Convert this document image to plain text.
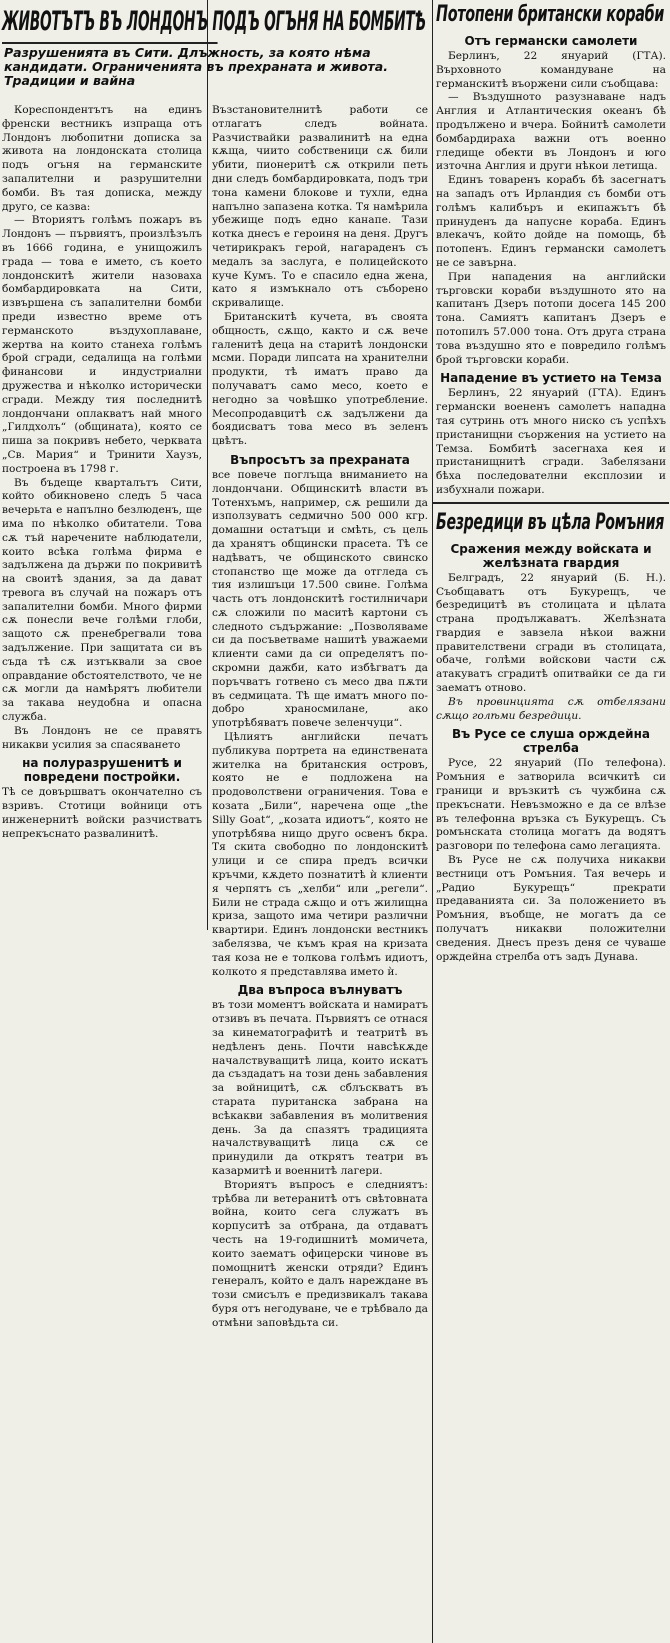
ЖИВОТЪТЪ ВЪ ЛОНДОНЪ ПОДЪ ОГЪНЯ НА БОМБИТѢ
Разрушенията въ Сити. Длъжность, за която нѣма кандидати. Ограниченията въ прехраната и живота. Традиции и вайна

Кореспондентътъ на единъ френски вестникъ изпраща отъ Лондонъ любопитни дописка за живота на лондонската столица подъ огъня на германските запалителни и разрушителни бомби. Въ тая дописка, между друго, се казва:

— Вториятъ голѣмъ пожаръ въ Лондонъ — първиятъ, произлѣзълъ въ 1666 година, е унищожилъ града — това е името, съ което лондонскитѣ жители назоваха бомбардировката на Сити, извършена съ запалителни бомби преди известно време отъ германското въздухоплаване, жертва на които станеха голѣмъ брой сгради, седалища на голѣми финансови и индустриални дружества и нѣколко исторически сгради. Между тия последнитѣ лондончани оплакватъ най много „Гилдхолъ“ (общината), която се пиша за покривъ небето, черквата „Св. Мария“ и Тринити Хаузъ, построена въ 1798 г.

Въ бъдеще кварталътъ Сити, който обикновено следъ 5 часа вечерьта е напълно безлюденъ, ще има по нѣколко обитатели. Това сѫ тъй наречените наблюдатели, които всѣка голѣма фирма е задължена да държи по покривитѣ на своитѣ здания, за да дават тревога въ случай на пожаръ отъ запалителни бомби. Много фирми сѫ понесли вече голѣми глоби, защото сѫ пренебрегвали това задължение. При защитата си въ съда тѣ сѫ изтъквали за свое оправдание обстоятелството, че не сѫ могли да намѣрятъ любители за такава неудобна и опасна служба.

Въ Лондонъ не се правятъ никакви усилия за спасяването

на полуразрушенитѣ и повредени постройки.

Тѣ се довършватъ окончателно съ взривъ. Стотици войници отъ инженернитѣ войски разчистватъ непрекъснато развалинитѣ.

Възстановителнитѣ работи се отлагатъ следъ войната. Разчиствайки развалинитѣ на една кѫща, чиито собственици сѫ били убити, пионеритѣ сѫ открили петь дни следъ бомбардировката, подъ три тона камени блокове и тухли, една напълно запазена котка. Тя намѣрила убежище подъ едно канапе. Тази котка днесъ е героиня на деня. Другъ четирикракъ герой, нагараденъ съ медалъ за заслуга, е полицейското куче Кумъ. То е спасило една жена, като я измъкнало отъ съборено скривалище.

Британскитѣ кучета, въ своята общность, сѫщо, както и сѫ вече галенитѣ деца на старитѣ лондонски мсми. Поради липсата на хранителни продукти, тѣ иматъ право да получаватъ само месо, което е негодно за човѣшко употребление. Месопродавцитѣ сѫ задължени да боядисватъ това месо въ зеленъ цвѣтъ.

Въпросътъ за прехраната

все повече поглъща вниманието на лондончани. Общинскитѣ власти въ Тотенхъмъ, например, сѫ решили да използуватъ седмично 500 000 кгр. домашни остатъци и смѣть, съ цель да хранятъ общински прасета. Тѣ се надѣватъ, че общинското свинско стопанство ще може да отгледа съ тия излишъци 17.500 свине. Голѣма часть отъ лондонскитѣ гостилничари сѫ сложили по маситѣ картони съ следното съдържание: „Позволяваме си да посъветваме нашитѣ уважаеми клиенти сами да си определятъ по-скромни дажби, като избѣгватъ да поръчватъ готвено съ месо два пѫти въ седмицата. Тѣ ще иматъ много по-добро храносмилане, ако употрѣбяватъ повече зеленчуци“.

Цѣлиятъ английски печатъ публикува портрета на единствената жителка на британския островъ, която не е подложена на продоволствени ограничения. Това е козата „Били“, наречена още „the Silly Goat“, „козата идиотъ“, която не употрѣбява нищо друго освенъ бкра. Тя скита свободно по лондонскитѣ улици и се спира предъ всички кръчми, кѫдето познатитѣ ѝ клиенти я черпятъ съ „хелби“ или „регели“. Били не страда сѫщо и отъ жилищна криза, защото има четири различни квартири. Единъ лондонски вестникъ забелязва, че къмъ края на кризата тая коза не е толкова голѣмъ идиотъ, колкото я представлява името ѝ.

Два въпроса вълнуватъ

въ този моментъ войската и намиратъ отзивъ въ печата. Първиятъ се отнася за кинематографитѣ и театритѣ въ недѣленъ день. Почти навсѣкѫде началствуващитѣ лица, които искатъ да създадатъ на този день забавления за войницитѣ, сѫ сблъскватъ въ старата пуританска забрана на всѣкакви забавления въ молитвения день. За да спазятъ традицията началствуващитѣ лица сѫ се принудили да открятъ театри въ казармитѣ и военнитѣ лагери.

Вториятъ въпросъ е следниятъ: трѣбва ли ветеранитѣ отъ свѣтовната война, които сега служатъ въ корпуситѣ за отбрана, да отдаватъ честь на 19-годишнитѣ момичета, които заематъ офицерски чинове въ помощнитѣ женски отряди? Единъ генералъ, който е далъ нареждане въ този смисълъ е предизвикалъ такава буря отъ негодуване, че е трѣбвало да отмѣни заповѣдьта си.

Потопени британски кораби
Отъ германски самолети

Берлинъ, 22 януарий (ГТА). Върховното командуване на германскитѣ въоржени сили съобщава:

— Въздушното разузнаване надъ Англия и Атлантическия океанъ бѣ продължено и вчера. Бойнитѣ самолети бомбардираха важни отъ военно гледище обекти въ Лондонъ и юго източна Англия и други нѣкои летища.

Единъ товаренъ корабъ бѣ засегнатъ на западъ отъ Ирландия съ бомби отъ голѣмъ калибъръ и екипажътъ бѣ принуденъ да напусне кораба. Единъ влекачъ, който дойде на помощь, бѣ потопенъ. Единъ германски самолетъ не се завърна.

При нападения на английски търговски кораби въздушното ято на капитанъ Дзеръ потопи досега 145 200 тона. Самиятъ капитанъ Дзеръ е потопилъ 57.000 тона. Отъ друга страна това въздушно ято е повредило голѣмъ брой търговски кораби.

Нападение въ устието на Темза

Берлинъ, 22 януарий (ГТА). Единъ германски воененъ самолетъ нападна тая сутринь отъ много ниско съ успѣхъ пристанищни съоржения на устието на Темза. Бомбитѣ засегнаха кея и пристанищнитѣ сгради. Забелязани бѣха последователни експлозии и избухнали пожари.

Безредици въ цѣла Ромъния
Сражения между войската и желѣзната гвардия

Белградъ, 22 януарий (Б. Н.). Съобщаватъ отъ Букурещъ, че безредицитѣ въ столицата и цѣлата страна продължаватъ. Желѣзната гвардия е завзела нѣкои важни правителствени сгради въ столицата, обаче, голѣми войскови части сѫ атакуватъ сградитѣ опитвайки се да ги заематъ отново.

Въ провинцията сѫ отбелязани сѫщо голѣми безредици.

Въ Русе се слуша орждейна стрелба

Русе, 22 януарий (По телефона). Ромъния е затворила всичкитѣ си граници и връзкитѣ съ чужбина сѫ прекъснати. Невъзможно е да се влѣзе въ телефонна връзка съ Букурещъ. Съ ромънската столица могатъ да водятъ разговори по телефона само легацията.

Въ Русе не сѫ получиха никакви вестници отъ Ромъния. Тая вечерь и „Радио Букурещъ“ прекрати предаванията си. За положението въ Ромъния, въобще, не могатъ да се получатъ никакви положителни сведения. Днесъ презъ деня се чуваше орждейна стрелба отъ задъ Дунава.
